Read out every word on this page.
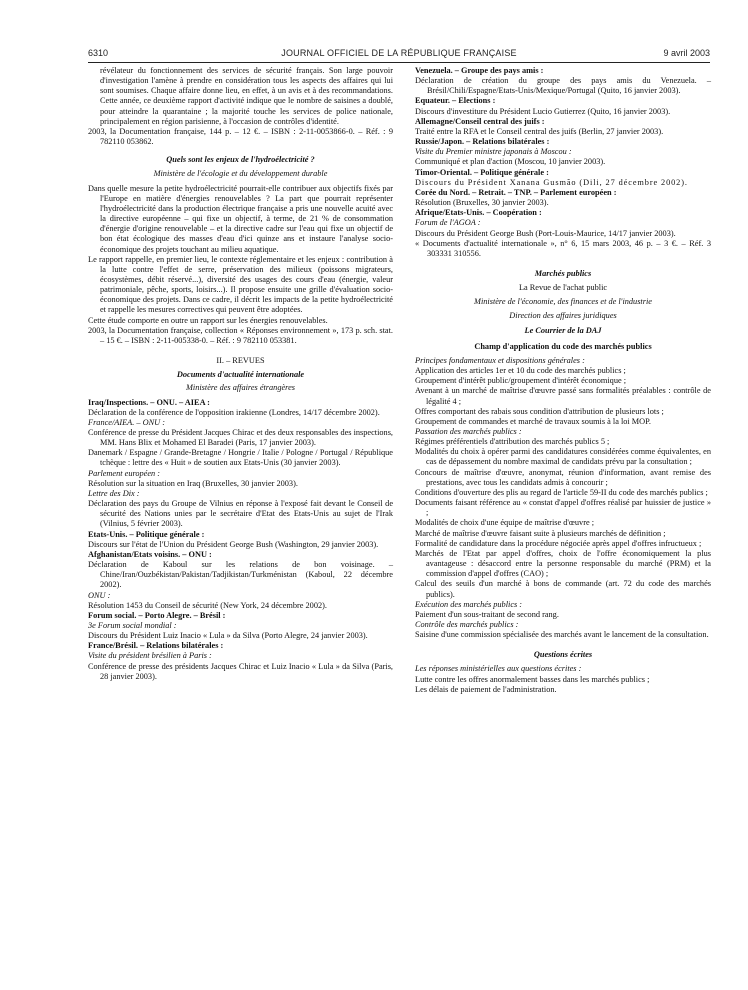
6310	JOURNAL OFFICIEL DE LA RÉPUBLIQUE FRANÇAISE	9 avril 2003

révélateur du fonctionnement des services de sécurité français. Son large pouvoir d'investigation l'amène à prendre en considération tous les aspects des affaires qui lui sont soumises. Chaque affaire donne lieu, en effet, à un avis et à des recommandations. Cette année, ce deuxième rapport d'activité indique que le nombre de saisines a doublé, pour atteindre la quarantaine ; la majorité touche les services de police nationale, principalement en région parisienne, à l'occasion de contrôles d'identité.

2003, la Documentation française, 144 p. – 12 €. – ISBN : 2-11-0053866-0. – Réf. : 9 782110 053862.

Quels sont les enjeux de l'hydroélectricité ?

Ministère de l'écologie et du développement durable

Dans quelle mesure la petite hydroélectricité pourrait-elle contribuer aux objectifs fixés par l'Europe en matière d'énergies renouvelables ? La part que pourrait représenter l'hydroélectricité dans la production électrique française a pris une nouvelle acuité avec la directive européenne – qui fixe un objectif, à terme, de 21 % de consommation d'énergie d'origine renouvelable – et la directive cadre sur l'eau qui fixe un objectif de bon état écologique des masses d'eau d'ici quinze ans et instaure l'analyse socio-économique des projets touchant au milieu aquatique.

Le rapport rappelle, en premier lieu, le contexte réglementaire et les enjeux : contribution à la lutte contre l'effet de serre, préservation des milieux (poissons migrateurs, écosystèmes, débit réservé...), diversité des usages des cours d'eau (énergie, valeur patrimoniale, pêche, sports, loisirs...). Il propose ensuite une grille d'évaluation socio-économique des projets. Dans ce cadre, il décrit les impacts de la petite hydroélectricité et rappelle les mesures correctives qui peuvent être adoptées.

Cette étude comporte en outre un rapport sur les énergies renouvelables.

2003, la Documentation française, collection « Réponses environnement », 173 p. sch. stat. – 15 €. – ISBN : 2-11-005338-0. – Réf. : 9 782110 053381.

II. – REVUES

Documents d'actualité internationale

Ministère des affaires étrangères

Iraq/Inspections. – ONU. – AIEA :

Déclaration de la conférence de l'opposition irakienne (Londres, 14/17 décembre 2002).

France/AIEA. – ONU :

Conférence de presse du Président Jacques Chirac et des deux responsables des inspections, MM. Hans Blix et Mohamed El Baradei (Paris, 17 janvier 2003).

Danemark / Espagne / Grande-Bretagne / Hongrie / Italie / Pologne / Portugal / République tchèque : lettre des « Huit » de soutien aux Etats-Unis (30 janvier 2003).

Parlement européen :

Résolution sur la situation en Iraq (Bruxelles, 30 janvier 2003).

Lettre des Dix :

Déclaration des pays du Groupe de Vilnius en réponse à l'exposé fait devant le Conseil de sécurité des Nations unies par le secrétaire d'Etat des Etats-Unis au sujet de l'Irak (Vilnius, 5 février 2003).

Etats-Unis. – Politique générale :

Discours sur l'état de l'Union du Président George Bush (Washington, 29 janvier 2003).

Afghanistan/Etats voisins. – ONU :

Déclaration de Kaboul sur les relations de bon voisinage. – Chine/Iran/Ouzbékistan/Pakistan/Tadjikistan/Turkménistan (Kaboul, 22 décembre 2002).

ONU :

Résolution 1453 du Conseil de sécurité (New York, 24 décembre 2002).

Forum social. – Porto Alegre. – Brésil :

3e Forum social mondial :

Discours du Président Luiz Inacio « Lula » da Silva (Porto Alegre, 24 janvier 2003).

France/Brésil. – Relations bilatérales :

Visite du président brésilien à Paris :

Conférence de presse des présidents Jacques Chirac et Luiz Inacio « Lula » da Silva (Paris, 28 janvier 2003).

Venezuela. – Groupe des pays amis :

Déclaration de création du groupe des pays amis du Venezuela. – Brésil/Chili/Espagne/Etats-Unis/Mexique/Portugal (Quito, 16 janvier 2003).

Equateur. – Elections :

Discours d'investiture du Président Lucio Gutierrez (Quito, 16 janvier 2003).

Allemagne/Conseil central des juifs :

Traité entre la RFA et le Conseil central des juifs (Berlin, 27 janvier 2003).

Russie/Japon. – Relations bilatérales :

Visite du Premier ministre japonais à Moscou :

Communiqué et plan d'action (Moscou, 10 janvier 2003).

Timor-Oriental. – Politique générale :

Discours du Président Xanana Gusmão (Dili, 27 décembre 2002).

Corée du Nord. – Retrait. – TNP. – Parlement européen :

Résolution (Bruxelles, 30 janvier 2003).

Afrique/Etats-Unis. – Coopération :

Forum de l'AGOA :

Discours du Président George Bush (Port-Louis-Maurice, 14/17 janvier 2003).

« Documents d'actualité internationale », n° 6, 15 mars 2003, 46 p. – 3 €. – Réf. 3 303331 310556.

Marchés publics

La Revue de l'achat public

Ministère de l'économie, des finances et de l'industrie

Direction des affaires juridiques

Le Courrier de la DAJ

Champ d'application du code des marchés publics

Principes fondamentaux et dispositions générales :

Application des articles 1er et 10 du code des marchés publics ;

Groupement d'intérêt public/groupement d'intérêt économique ;

Avenant à un marché de maîtrise d'œuvre passé sans formalités préalables : contrôle de légalité 4 ;

Offres comportant des rabais sous condition d'attribution de plusieurs lots ;

Groupement de commandes et marché de travaux soumis à la loi MOP.

Passation des marchés publics :

Régimes préférentiels d'attribution des marchés publics 5 ;

Modalités du choix à opérer parmi des candidatures considérées comme équivalentes, en cas de dépassement du nombre maximal de candidats prévu par la consultation ;

Concours de maîtrise d'œuvre, anonymat, réunion d'information, avant remise des prestations, avec tous les candidats admis à concourir ;

Conditions d'ouverture des plis au regard de l'article 59-II du code des marchés publics ;

Documents faisant référence au « constat d'appel d'offres réalisé par huissier de justice » ;

Modalités de choix d'une équipe de maîtrise d'œuvre ;

Marché de maîtrise d'œuvre faisant suite à plusieurs marchés de définition ;

Formalité de candidature dans la procédure négociée après appel d'offres infructueux ;

Marchés de l'Etat par appel d'offres, choix de l'offre économiquement la plus avantageuse : désaccord entre la personne responsable du marché (PRM) et la commission d'appel d'offres (CAO) ;

Calcul des seuils d'un marché à bons de commande (art. 72 du code des marchés publics).

Exécution des marchés publics :

Paiement d'un sous-traitant de second rang.

Contrôle des marchés publics :

Saisine d'une commission spécialisée des marchés avant le lancement de la consultation.

Questions écrites

Les réponses ministérielles aux questions écrites :

Lutte contre les offres anormalement basses dans les marchés publics ;

Les délais de paiement de l'administration.
